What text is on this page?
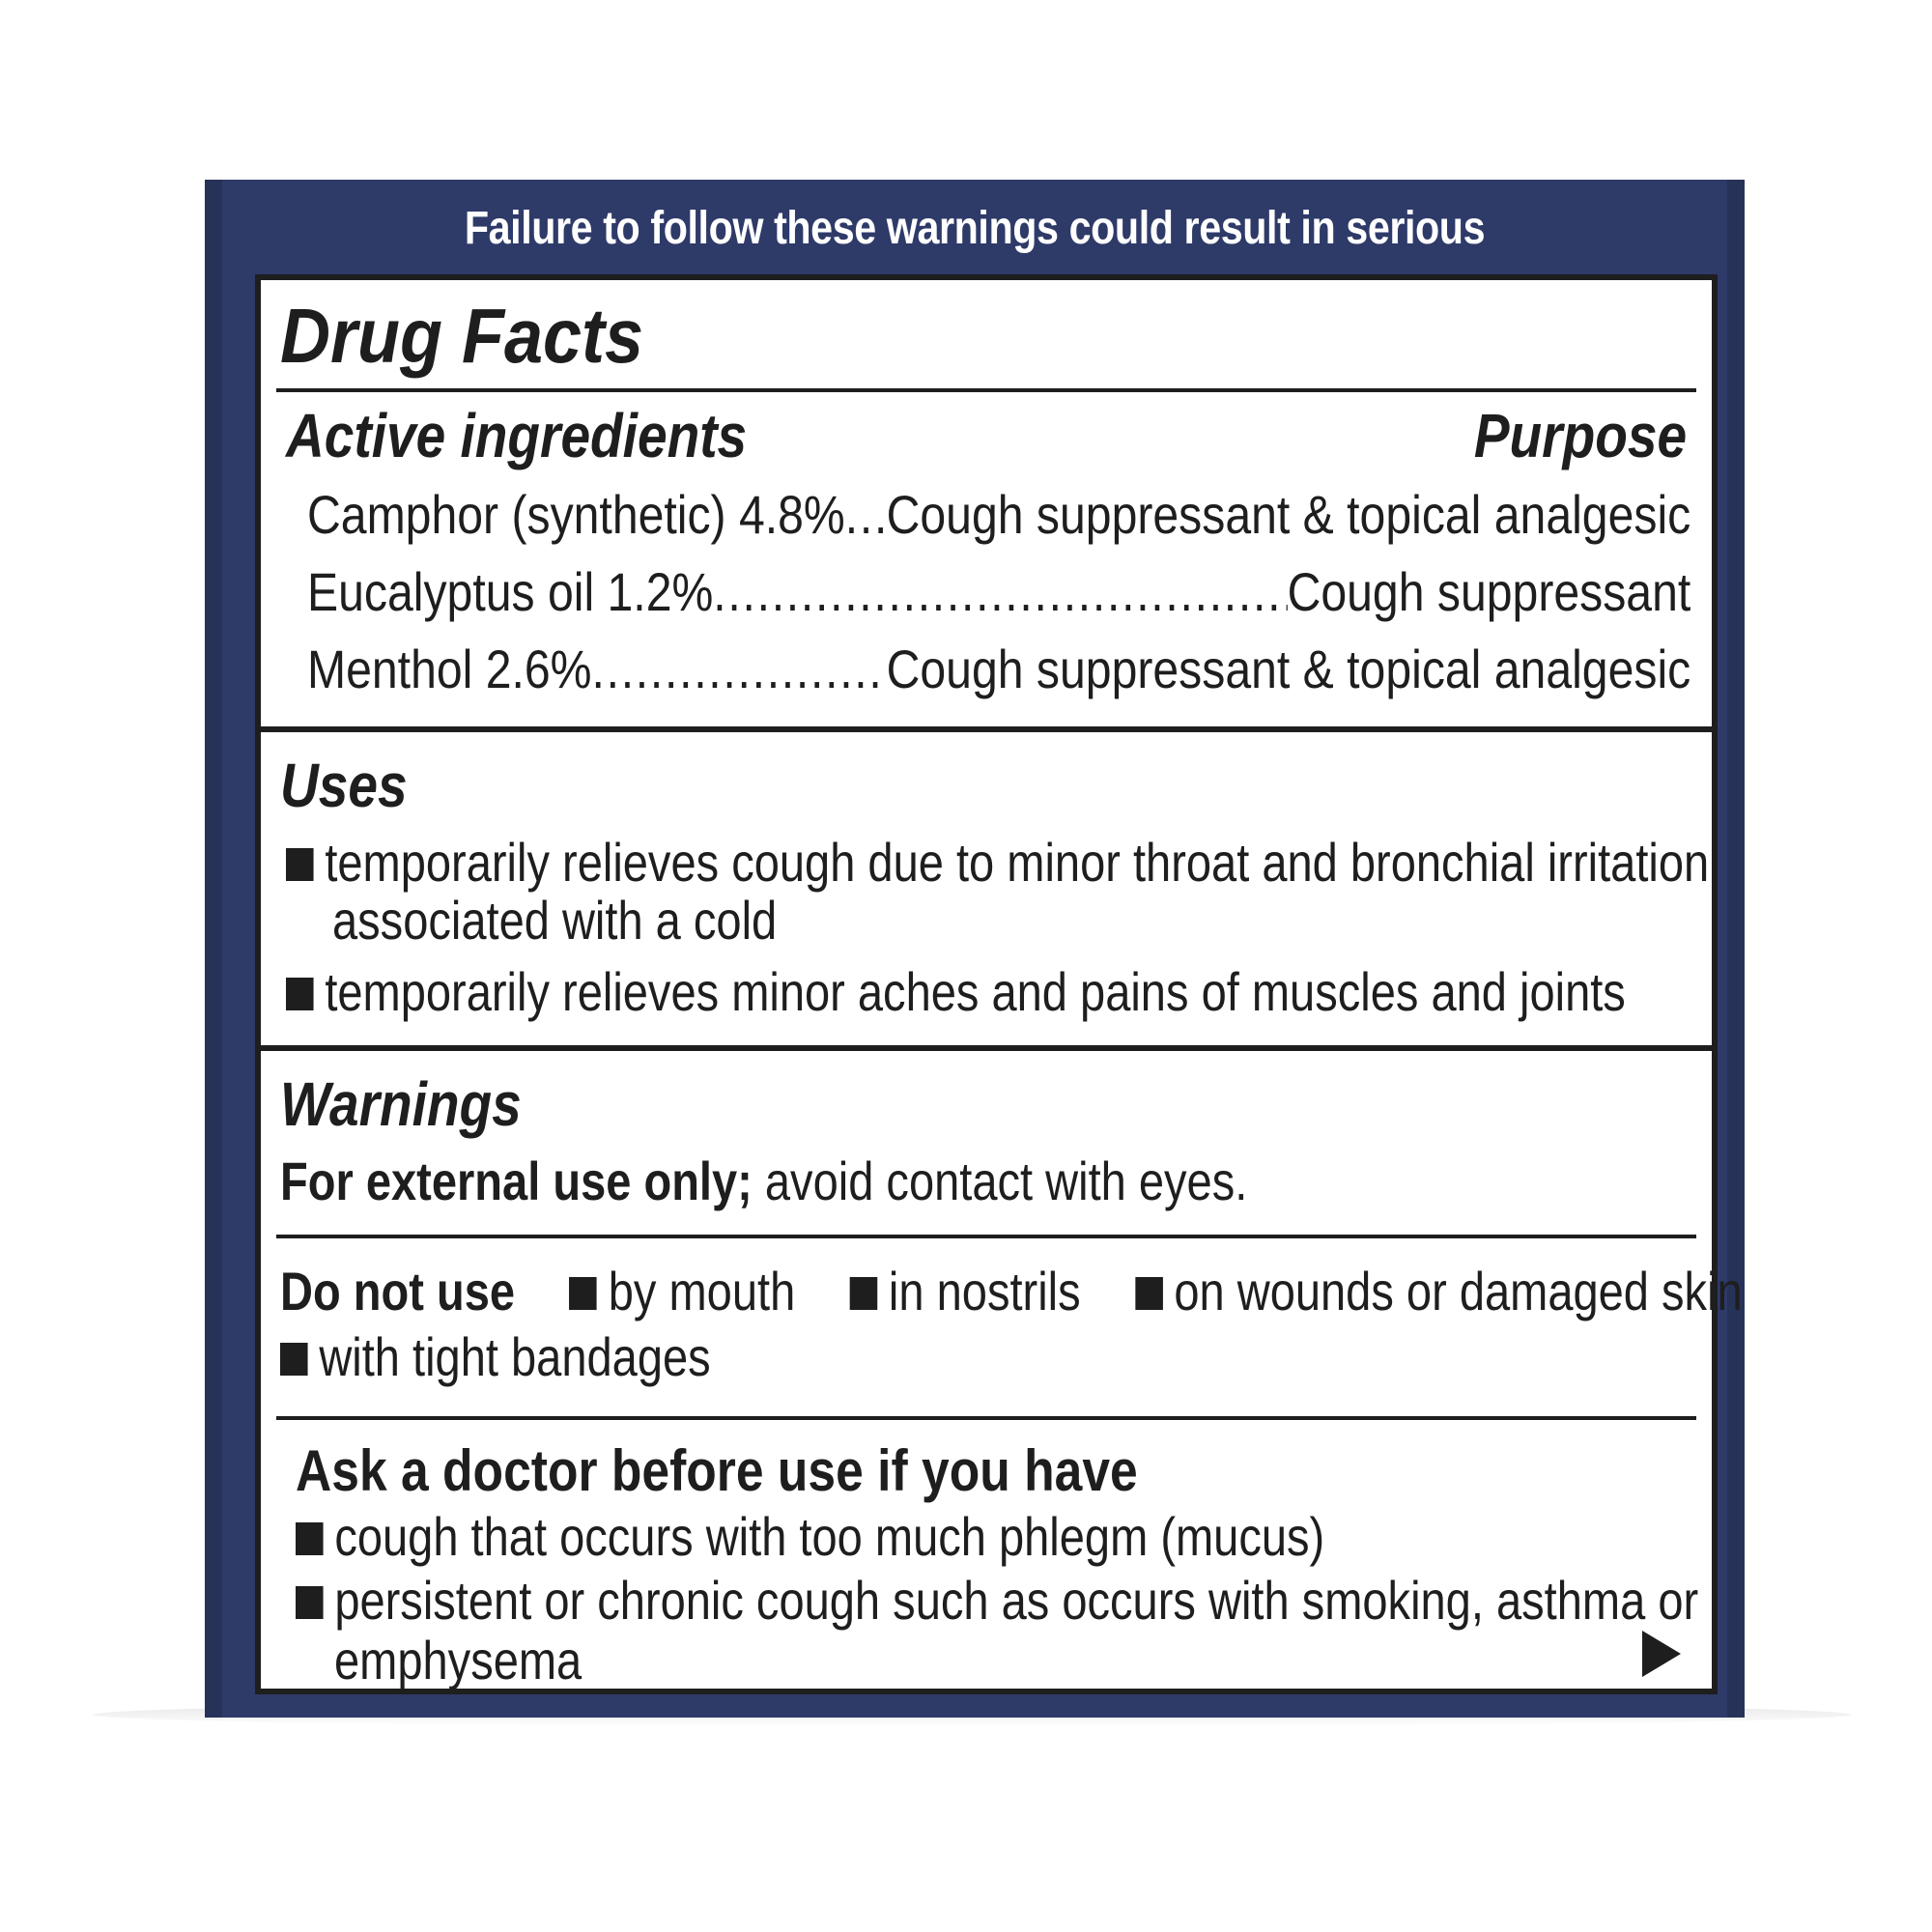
Failure to follow these warnings could result in serious
Drug Facts
Active ingredients	Purpose
Camphor (synthetic) 4.8% ..... Cough suppressant & topical analgesic
Eucalyptus oil 1.2% .....	Cough suppressant
Menthol 2.6% .....	Cough suppressant & topical analgesic
Uses
temporarily relieves cough due to minor throat and bronchial irritation
associated with a cold
temporarily relieves minor aches and pains of muscles and joints
Warnings
For external use only; avoid contact with eyes.
Do not use by mouth in nostrils on wounds or damaged skin
with tight bandages
Ask a doctor before use if you have
cough that occurs with too much phlegm (mucus)
persistent or chronic cough such as occurs with smoking, asthma or
emphysema
